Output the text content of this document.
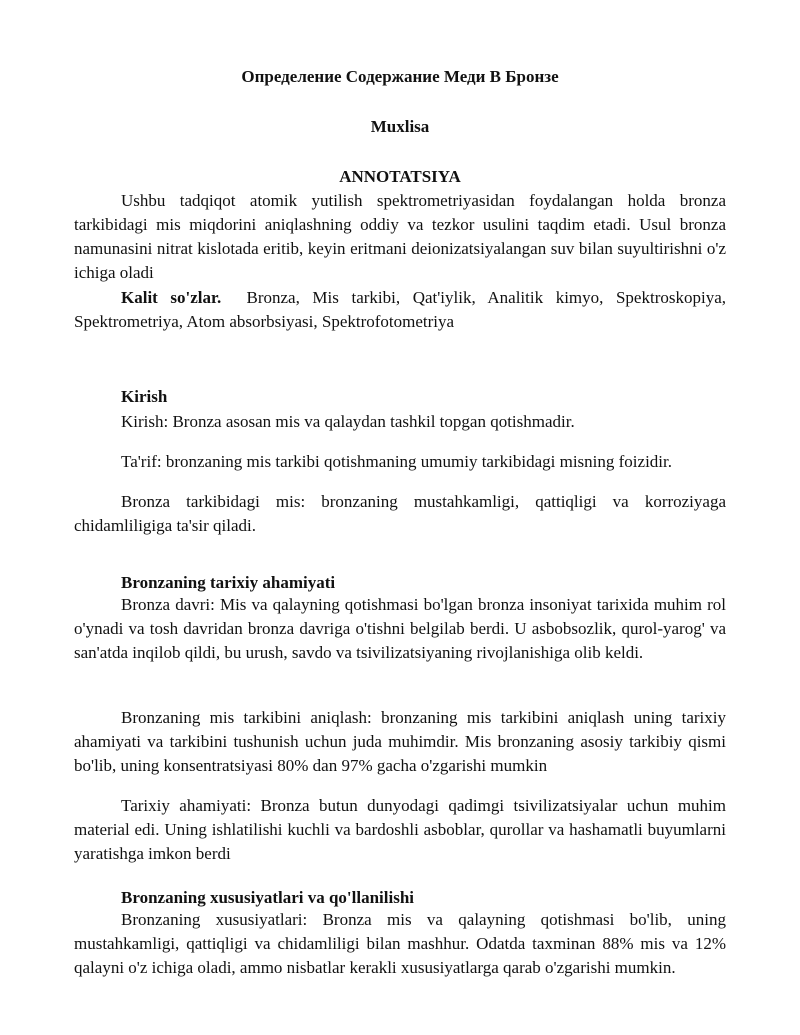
Определение Содержание Меди В Бронзе
Muxlisa
ANNOTATSIYA

Ushbu tadqiqot atomik yutilish spektrometriyasidan foydalangan holda bronza tarkibidagi mis miqdorini aniqlashning oddiy va tezkor usulini taqdim etadi. Usul bronza namunasini nitrat kislotada eritib, keyin eritmani deionizatsiyalangan suv bilan suyultirishni o'z ichiga oladi

Kalit so'zlar. Bronza, Mis tarkibi, Qat'iylik, Analitik kimyo, Spektroskopiya, Spektrometriya, Atom absorbsiyasi, Spektrofotometriya

Kirish

Kirish: Bronza asosan mis va qalaydan tashkil topgan qotishmadir.

Ta'rif: bronzaning mis tarkibi qotishmaning umumiy tarkibidagi misning foizidir.

Bronza tarkibidagi mis: bronzaning mustahkamligi, qattiqligi va korroziyaga chidamliligiga ta'sir qiladi.

Bronzaning tarixiy ahamiyati

Bronza davri: Mis va qalayning qotishmasi bo'lgan bronza insoniyat tarixida muhim rol o'ynadi va tosh davridan bronza davriga o'tishni belgilab berdi. U asbobsozlik, qurol-yarog' va san'atda inqilob qildi, bu urush, savdo va tsivilizatsiyaning rivojlanishiga olib keldi.

Bronzaning mis tarkibini aniqlash: bronzaning mis tarkibini aniqlash uning tarixiy ahamiyati va tarkibini tushunish uchun juda muhimdir. Mis bronzaning asosiy tarkibiy qismi bo'lib, uning konsentratsiyasi 80% dan 97% gacha o'zgarishi mumkin

Tarixiy ahamiyati: Bronza butun dunyodagi qadimgi tsivilizatsiyalar uchun muhim material edi. Uning ishlatilishi kuchli va bardoshli asboblar, qurollar va hashamatli buyumlarni yaratishga imkon berdi

Bronzaning xususiyatlari va qo'llanilishi

Bronzaning xususiyatlari: Bronza mis va qalayning qotishmasi bo'lib, uning mustahkamligi, qattiqligi va chidamliligi bilan mashhur. Odatda taxminan 88% mis va 12% qalayni o'z ichiga oladi, ammo nisbatlar kerakli xususiyatlarga qarab o'zgarishi mumkin.
